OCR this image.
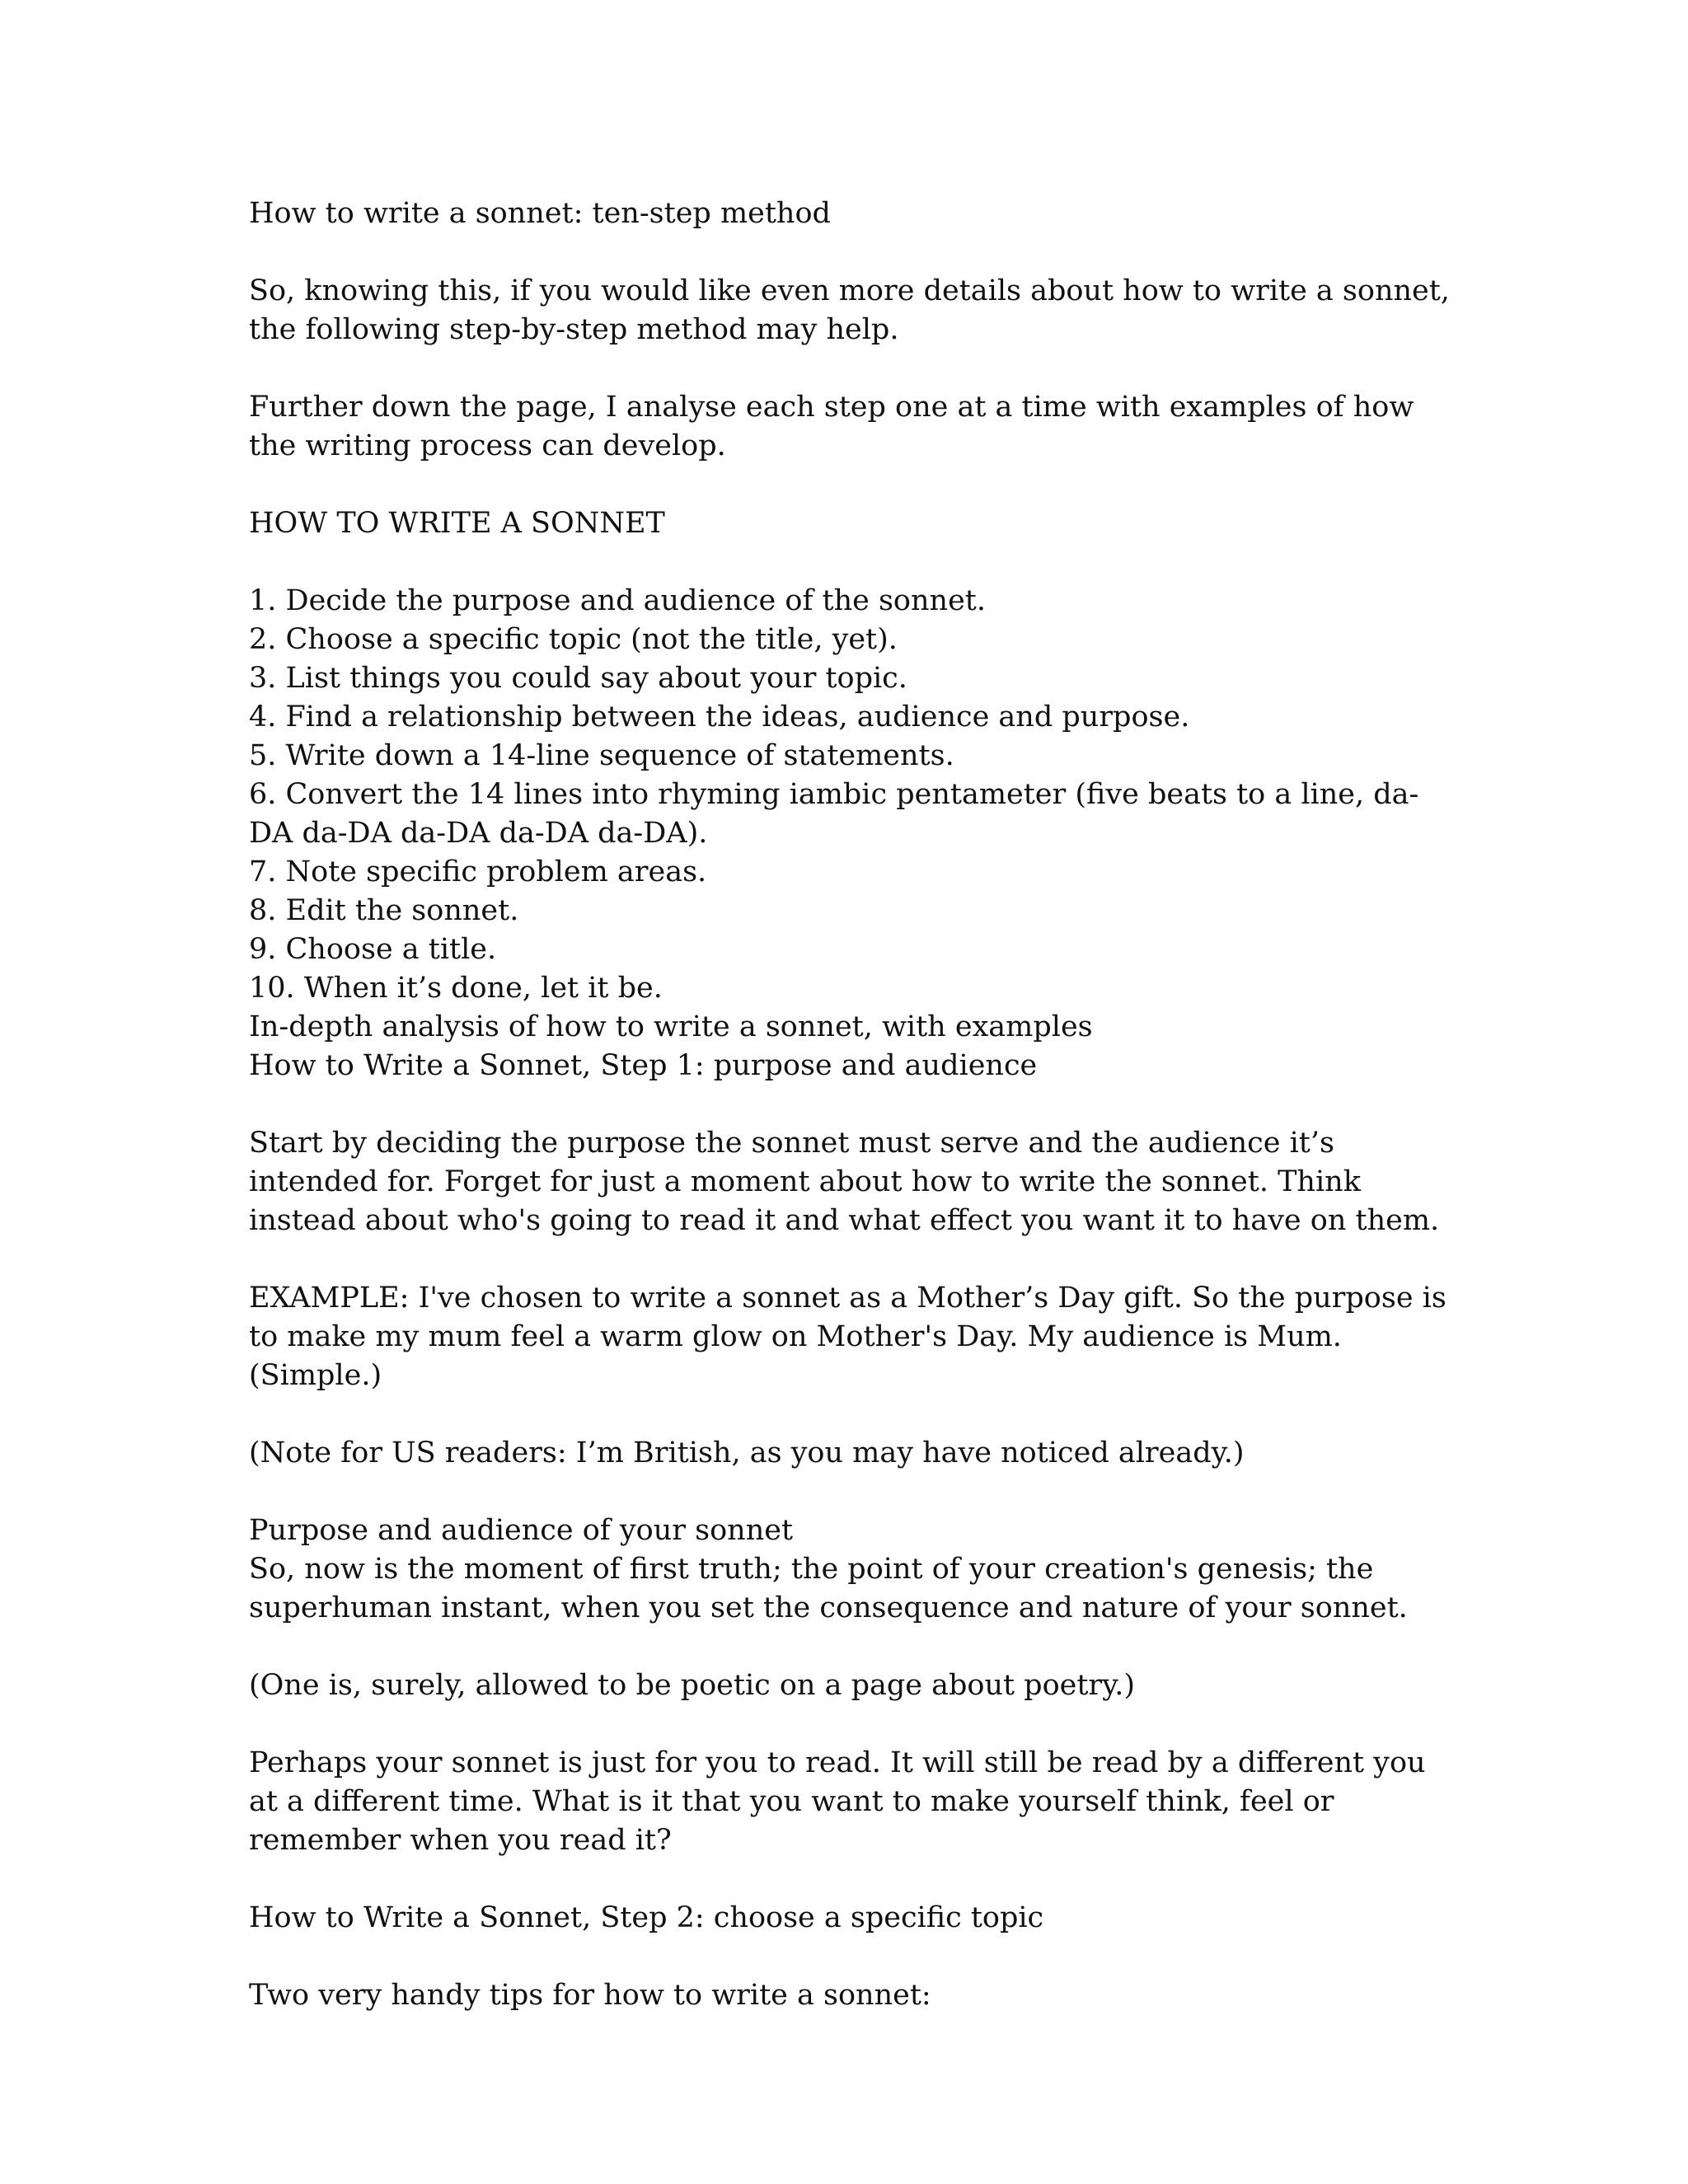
How to write a sonnet: ten-step method

So, knowing this, if you would like even more details about how to write a sonnet, the following step-by-step method may help.

Further down the page, I analyse each step one at a time with examples of how the writing process can develop.

HOW TO WRITE A SONNET

1. Decide the purpose and audience of the sonnet.
2. Choose a specific topic (not the title, yet).
3. List things you could say about your topic.
4. Find a relationship between the ideas, audience and purpose.
5. Write down a 14-line sequence of statements.
6. Convert the 14 lines into rhyming iambic pentameter (five beats to a line, da-DA da-DA da-DA da-DA da-DA).
7. Note specific problem areas.
8. Edit the sonnet.
9. Choose a title.
10. When it’s done, let it be.

In-depth analysis of how to write a sonnet, with examples

How to Write a Sonnet, Step 1: purpose and audience

Start by deciding the purpose the sonnet must serve and the audience it’s intended for. Forget for just a moment about how to write the sonnet. Think instead about who's going to read it and what effect you want it to have on them.

EXAMPLE: I've chosen to write a sonnet as a Mother’s Day gift. So the purpose is to make my mum feel a warm glow on Mother's Day. My audience is Mum. (Simple.)

(Note for US readers: I’m British, as you may have noticed already.)

Purpose and audience of your sonnet

So, now is the moment of first truth; the point of your creation's genesis; the superhuman instant, when you set the consequence and nature of your sonnet.

(One is, surely, allowed to be poetic on a page about poetry.)

Perhaps your sonnet is just for you to read. It will still be read by a different you at a different time. What is it that you want to make yourself think, feel or remember when you read it?

How to Write a Sonnet, Step 2: choose a specific topic

Two very handy tips for how to write a sonnet:
